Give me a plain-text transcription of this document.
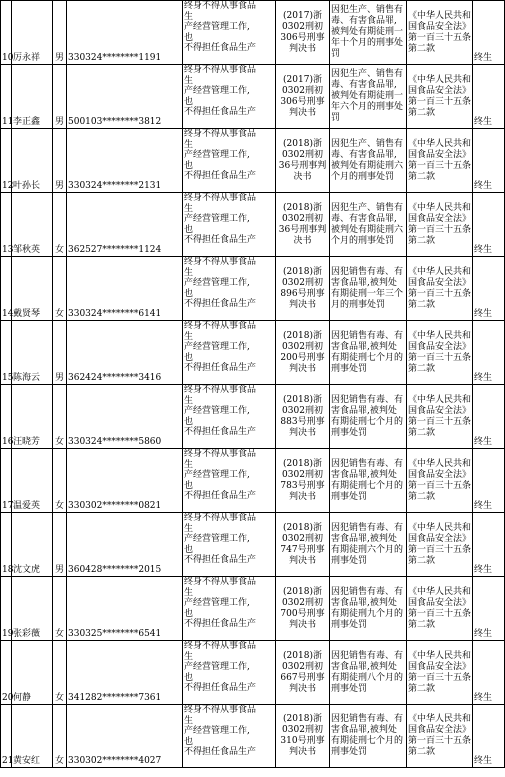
10	厉永祥	男	330324********1191	终身不得从事食品
生
产经营管理工作,
也
不得担任食品生产	(2017)浙0302刑初306号刑事判决书	因犯生产、销售有毒、有害食品罪,被判处有期徒刑一年十个月的刑事处罚	《中华人民共和国食品安全法》第一百三十五条第二款	终生
11	李正鑫	男	500103********3812	终身不得从事食品
生
产经营管理工作,
也
不得担任食品生产	(2017)浙0302刑初306号刑事判决书	因犯生产、销售有毒、有害食品罪,被判处有期徒刑一年六个月的刑事处罚	《中华人民共和国食品安全法》第一百三十五条第二款	终生
12	叶孙长	男	330324********2131	终身不得从事食品
生
产经营管理工作,
也
不得担任食品生产	(2018)浙0302刑初36号刑事判决书	因犯生产、销售有毒、有害食品罪,被判处有期徒刑六个月的刑事处罚	《中华人民共和国食品安全法》第一百三十五条第二款	终生
13	邹秋英	女	362527********1124	终身不得从事食品
生
产经营管理工作,
也
不得担任食品生产	(2018)浙0302刑初36号刑事判决书	因犯生产、销售有毒、有害食品罪,被判处有期徒刑六个月的刑事处罚	《中华人民共和国食品安全法》第一百三十五条第二款	终生
14	戴贤琴	女	330324********6141	终身不得从事食品
生
产经营管理工作,
也
不得担任食品生产	(2018)浙0302刑初896号刑事判决书	因犯销售有毒、有害食品罪,被判处有期徒刑一年三个月的刑事处罚	《中华人民共和国食品安全法》第一百三十五条第二款	终生
15	陈海云	男	362424********3416	终身不得从事食品
生
产经营管理工作,
也
不得担任食品生产	(2018)浙0302刑初200号刑事判决书	因犯销售有毒、有害食品罪,被判处有期徒刑七个月的刑事处罚	《中华人民共和国食品安全法》第一百三十五条第二款	终生
16	汪晓芳	女	330324********5860	终身不得从事食品
生
产经营管理工作,
也
不得担任食品生产	(2018)浙0302刑初883号刑事判决书	因犯销售有毒、有害食品罪,被判处有期徒刑七个月的刑事处罚	《中华人民共和国食品安全法》第一百三十五条第二款	终生
17	温爱英	女	330302********0821	终身不得从事食品
生
产经营管理工作,
也
不得担任食品生产	(2018)浙0302刑初783号刑事判决书	因犯销售有毒、有害食品罪,被判处有期徒刑七个月的刑事处罚	《中华人民共和国食品安全法》第一百三十五条第二款	终生
18	沈文虎	男	360428********2015	终身不得从事食品
生
产经营管理工作,
也
不得担任食品生产	(2018)浙0302刑初747号刑事判决书	因犯销售有毒、有害食品罪,被判处有期徒刑六个月的刑事处罚	《中华人民共和国食品安全法》第一百三十五条第二款	终生
19	张彩薇	女	330325********6541	终身不得从事食品
生
产经营管理工作,
也
不得担任食品生产	(2018)浙0302刑初700号刑事判决书	因犯销售有毒、有害食品罪,被判处有期徒刑九个月的刑事处罚	《中华人民共和国食品安全法》第一百三十五条第二款	终生
20	何静	女	341282********7361	终身不得从事食品
生
产经营管理工作,
也
不得担任食品生产	(2018)浙0302刑初667号刑事判决书	因犯销售有毒、有害食品罪,被判处有期徒刑八个月的刑事处罚	《中华人民共和国食品安全法》第一百三十五条第二款	终生
21	黄安红	女	330302********4027	终身不得从事食品
生
产经营管理工作,
也
不得担任食品生产	(2018)浙0302刑初310号刑事判决书	因犯销售有毒、有害食品罪,被判处有期徒刑七个月的刑事处罚	《中华人民共和国食品安全法》第一百三十五条第二款	终生
